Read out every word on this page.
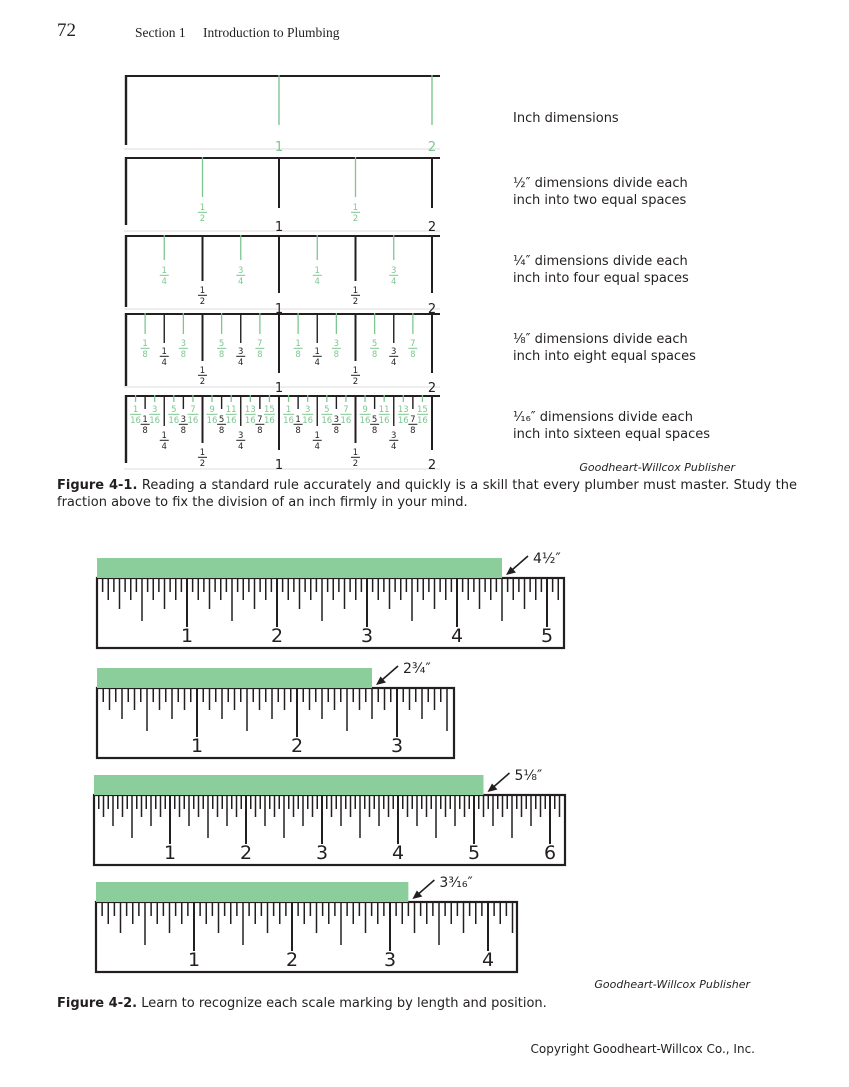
72	Section 1 Introduction to Plumbing
1	2
1	2
1
2
1
2
1	2
1
4
3
4
1
4
3
4
1
2
1
2
1	2
1
8
3
8
5
8
7
8
1
8
3
8
5
8
7
8
1
4
3
4
1
4
3
4
1
2
1
2
1	2
1
16
3
16
5
16
7
16
9
16
11
16
13
16
15
16
1
16
3
16
5
16
7
16
9
16
11
16
13
16
15
16
1
8
3
8
5
8
7
8
1
8
3
8
5
8
7
8
1
4
3
4
1
4
3
4
1
2
1
2
Inch dimensions
½″ dimensions divide each
inch into two equal spaces
¼″ dimensions divide each
inch into four equal spaces
⅛″ dimensions divide each
inch into eight equal spaces
¹⁄₁₆″ dimensions divide each
inch into sixteen equal spaces
Goodheart-Willcox Publisher

Figure 4-1. Reading a standard rule accurately and quickly is a skill that every plumber must master. Study the fraction above to fix the division of an inch firmly in your mind.

1	2	3	4	5
4½″
1	2	3
2¾″
1	2	3	4	5	6
5⅛″
1	2	3	4
3³⁄₁₆″
Goodheart-Willcox Publisher

Figure 4-2. Learn to recognize each scale marking by length and position.

Copyright Goodheart-Willcox Co., Inc.
